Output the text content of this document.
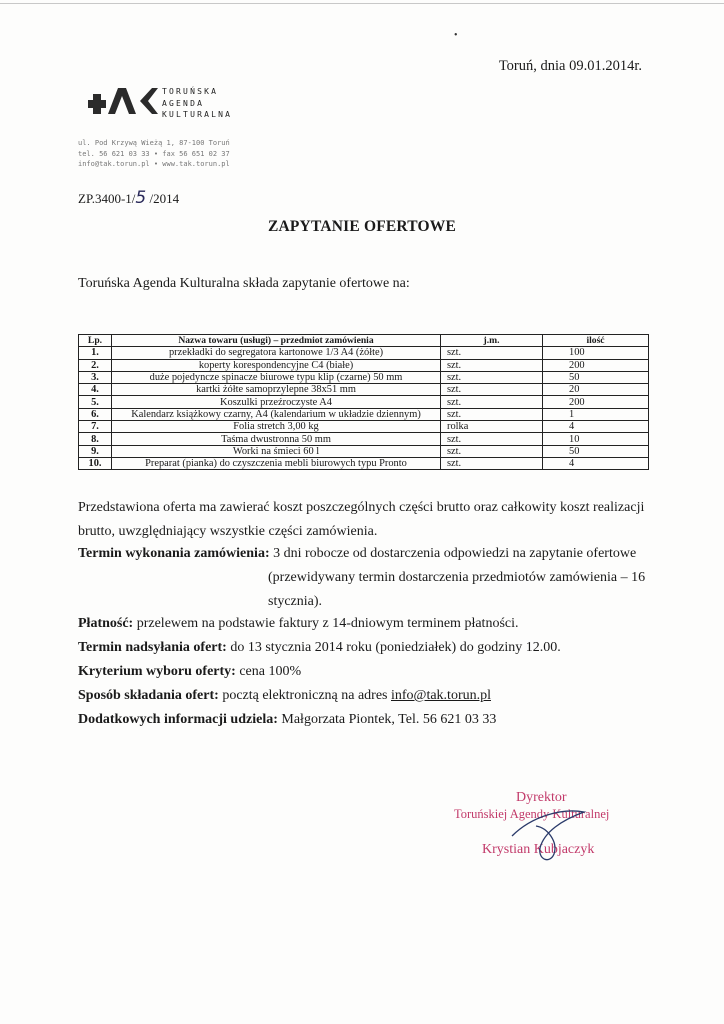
•
Toruń, dnia 09.01.2014r.
TORUŃSKA
AGENDA
KULTURALNA
ul. Pod Krzywą Wieżą 1, 87-100 Toruń
tel. 56 621 03 33 • fax 56 651 02 37
info@tak.torun.pl • www.tak.torun.pl
ZP.3400-1/5 /2014
ZAPYTANIE OFERTOWE
Toruńska Agenda Kulturalna składa zapytanie ofertowe na:
Lp.	Nazwa towaru (usługi) – przedmiot zamówienia	j.m.	ilość
1.	przekładki do segregatora kartonowe 1/3 A4 (żółte)	szt.	100
2.	koperty korespondencyjne C4 (białe)	szt.	200
3.	duże pojedyncze spinacze biurowe typu klip (czarne) 50 mm	szt.	50
4.	kartki żółte samoprzylepne 38x51 mm	szt.	20
5.	Koszulki przeźroczyste A4	szt.	200
6.	Kalendarz książkowy czarny, A4 (kalendarium w układzie dziennym)	szt.	1
7.	Folia stretch 3,00 kg	rolka	4
8.	Taśma dwustronna 50 mm	szt.	10
9.	Worki na śmieci 60 l	szt.	50
10.	Preparat (pianka) do czyszczenia mebli biurowych typu Pronto	szt.	4
Przedstawiona oferta ma zawierać koszt poszczególnych części brutto oraz całkowity koszt realizacji brutto, uwzględniający wszystkie części zamówienia.
Termin wykonania zamówienia: 3 dni robocze od dostarczenia odpowiedzi na zapytanie ofertowe
(przewidywany termin dostarczenia przedmiotów zamówienia – 16 stycznia).
Płatność: przelewem na podstawie faktury z 14-dniowym terminem płatności.
Termin nadsyłania ofert: do 13 stycznia 2014 roku (poniedziałek) do godziny 12.00.
Kryterium wyboru oferty: cena 100%
Sposób składania ofert: pocztą elektroniczną na adres info@tak.torun.pl
Dodatkowych informacji udziela: Małgorzata Piontek, Tel. 56 621 03 33
Dyrektor
Toruńskiej Agendy Kulturalnej
Krystian Kubjaczyk
